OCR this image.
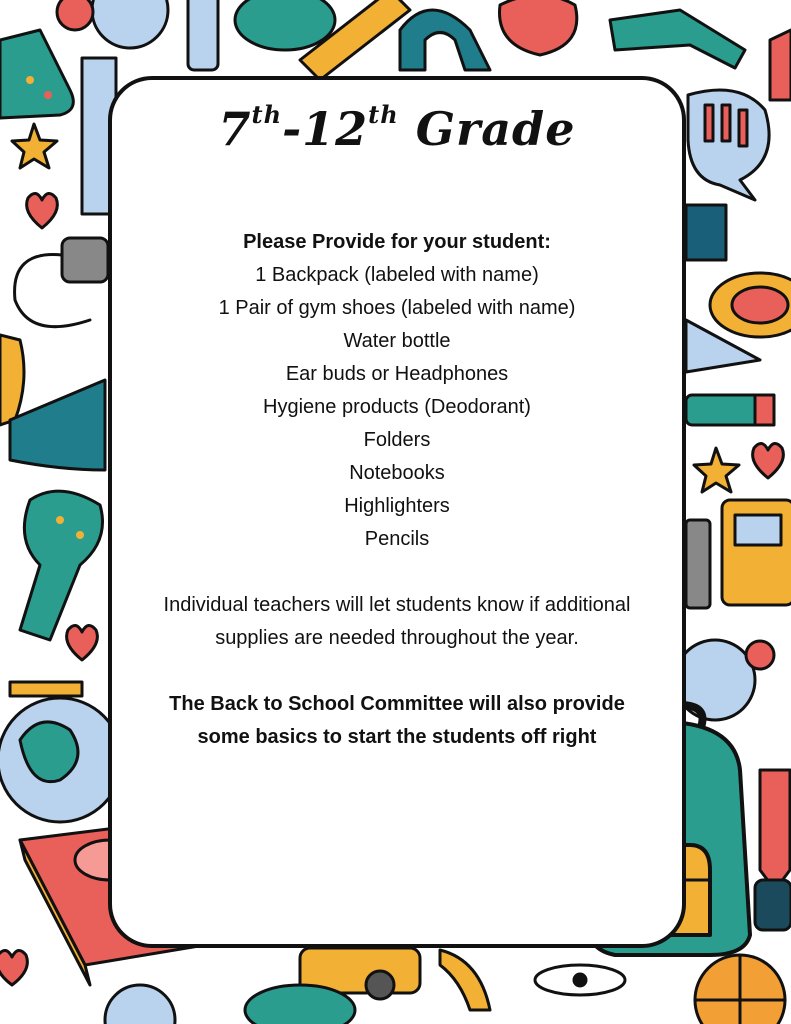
7th-12th Grade
Please Provide for your student:
1 Backpack (labeled with name)
1 Pair of gym shoes (labeled with name)
Water bottle
Ear buds or Headphones
Hygiene products (Deodorant)
Folders
Notebooks
Highlighters
Pencils
Individual teachers will let students know if additional
supplies are needed throughout the year.
The Back to School Committee will also provide
some basics to start the students off right
